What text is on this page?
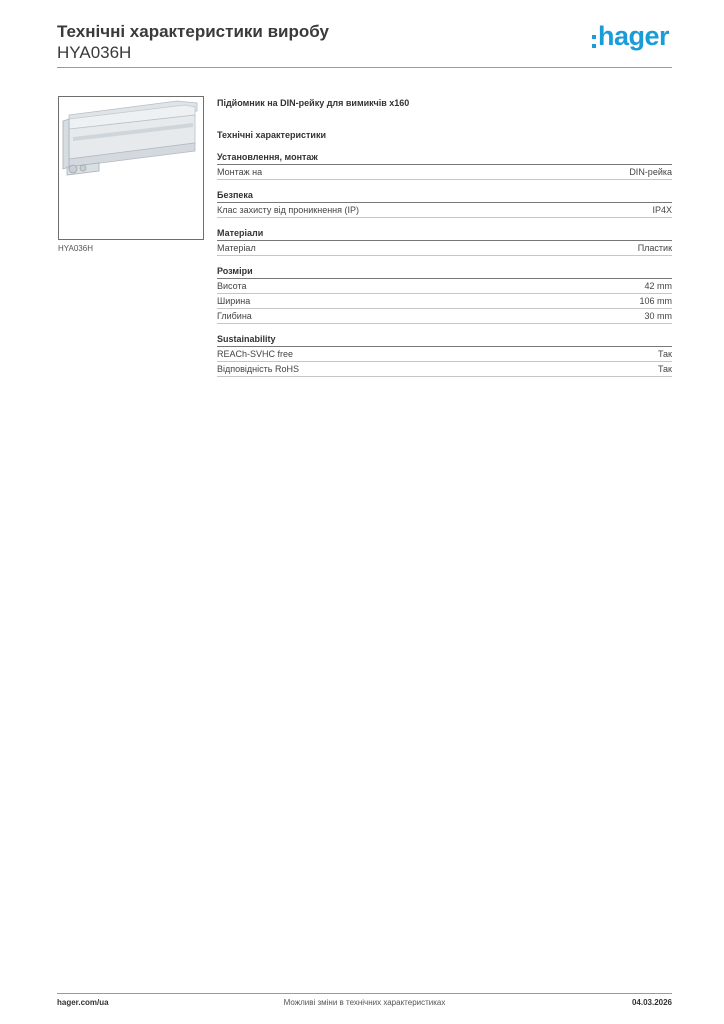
Технічні характеристики виробу
HYA036H
hager
HYA036H
Підйомник на DIN-рейку для вимикчів x160
Технічні характеристики
Установлення, монтаж
Монтаж на	DIN-рейка
Безпека
Клас захисту від проникнення (IP)	IP4X
Матеріали
Матеріал	Пластик
Розміри
Висота	42 mm
Ширина	106 mm
Глибина	30 mm
Sustainability
REACh-SVHC free	Так
Відповідність RoHS	Так
Можливі зміни в технічних характеристиках
hager.com/ua	04.03.2026
